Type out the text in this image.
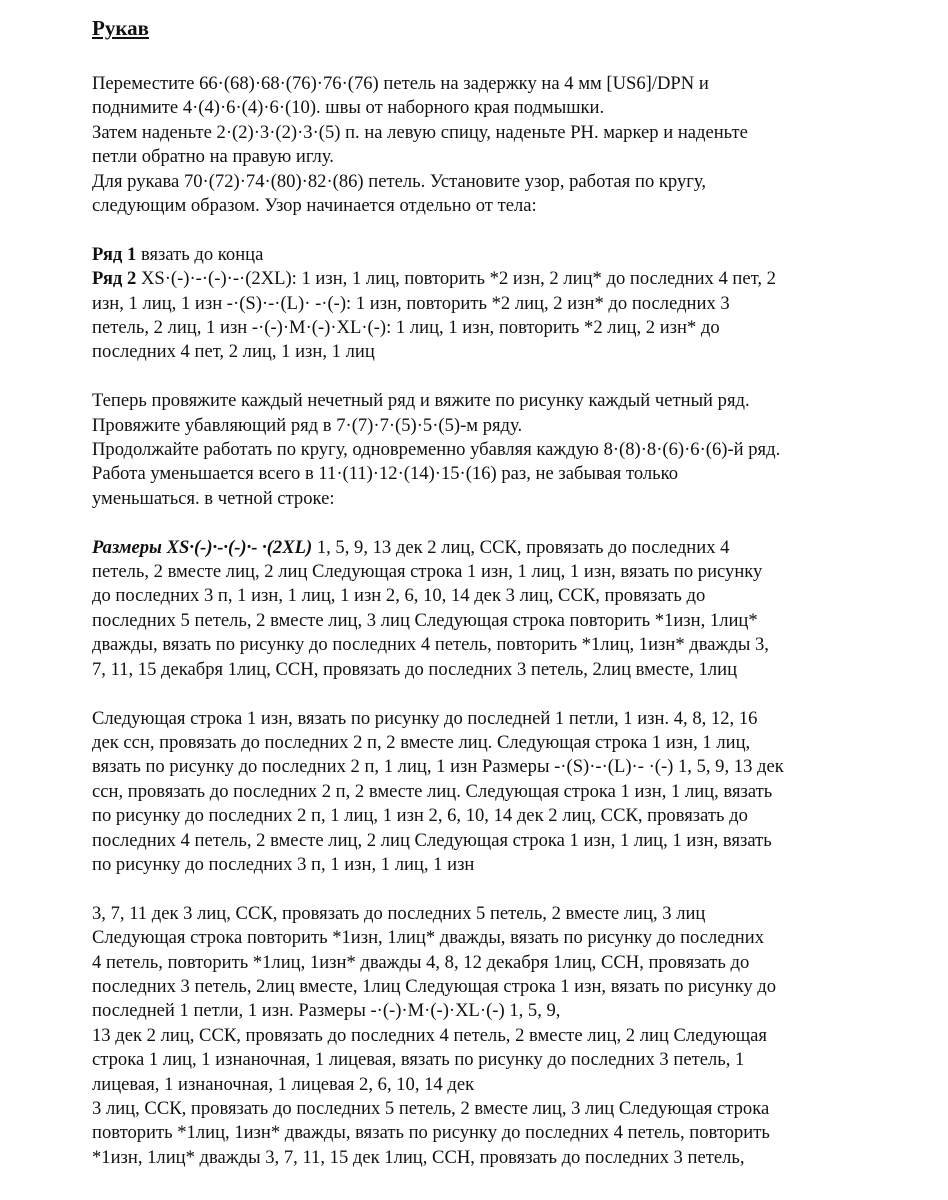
Рукав
Переместите 66·(68)·68·(76)·76·(76) петель на задержку на 4 мм [US6]/DPN и
поднимите 4·(4)·6·(4)·6·(10). швы от наборного края подмышки.
Затем наденьте 2·(2)·3·(2)·3·(5) п. на левую спицу, наденьте РН. маркер и наденьте
петли обратно на правую иглу.
Для рукава 70·(72)·74·(80)·82·(86) петель. Установите узор, работая по кругу,
следующим образом. Узор начинается отдельно от тела:
Ряд 1 вязать до конца
Ряд 2 XS·(-)·-·(-)·-·(2XL): 1 изн, 1 лиц, повторить *2 изн, 2 лиц* до последних 4 пет, 2
изн, 1 лиц, 1 изн -·(S)·-·(L)· -·(-): 1 изн, повторить *2 лиц, 2 изн* до последних 3
петель, 2 лиц, 1 изн -·(-)·M·(-)·XL·(-): 1 лиц, 1 изн, повторить *2 лиц, 2 изн* до
последних 4 пет, 2 лиц, 1 изн, 1 лиц
Теперь провяжите каждый нечетный ряд и вяжите по рисунку каждый четный ряд.
Провяжите убавляющий ряд в 7·(7)·7·(5)·5·(5)-м ряду.
Продолжайте работать по кругу, одновременно убавляя каждую 8·(8)·8·(6)·6·(6)-й ряд.
Работа уменьшается всего в 11·(11)·12·(14)·15·(16) раз, не забывая только
уменьшаться. в четной строке:
Размеры XS·(-)·-·(-)·- ·(2XL) 1, 5, 9, 13 дек 2 лиц, ССК, провязать до последних 4
петель, 2 вместе лиц, 2 лиц Следующая строка 1 изн, 1 лиц, 1 изн, вязать по рисунку
до последних 3 п, 1 изн, 1 лиц, 1 изн 2, 6, 10, 14 дек 3 лиц, ССК, провязать до
последних 5 петель, 2 вместе лиц, 3 лиц Следующая строка повторить *1изн, 1лиц*
дважды, вязать по рисунку до последних 4 петель, повторить *1лиц, 1изн* дважды 3,
7, 11, 15 декабря 1лиц, ССН, провязать до последних 3 петель, 2лиц вместе, 1лиц
Следующая строка 1 изн, вязать по рисунку до последней 1 петли, 1 изн. 4, 8, 12, 16
дек ссн, провязать до последних 2 п, 2 вместе лиц. Следующая строка 1 изн, 1 лиц,
вязать по рисунку до последних 2 п, 1 лиц, 1 изн Размеры -·(S)·-·(L)·- ·(-) 1, 5, 9, 13 дек
ссн, провязать до последних 2 п, 2 вместе лиц. Следующая строка 1 изн, 1 лиц, вязать
по рисунку до последних 2 п, 1 лиц, 1 изн 2, 6, 10, 14 дек 2 лиц, ССК, провязать до
последних 4 петель, 2 вместе лиц, 2 лиц Следующая строка 1 изн, 1 лиц, 1 изн, вязать
по рисунку до последних 3 п, 1 изн, 1 лиц, 1 изн
3, 7, 11 дек 3 лиц, ССК, провязать до последних 5 петель, 2 вместе лиц, 3 лиц
Следующая строка повторить *1изн, 1лиц* дважды, вязать по рисунку до последних
4 петель, повторить *1лиц, 1изн* дважды 4, 8, 12 декабря 1лиц, ССН, провязать до
последних 3 петель, 2лиц вместе, 1лиц Следующая строка 1 изн, вязать по рисунку до
последней 1 петли, 1 изн. Размеры -·(-)·M·(-)·XL·(-) 1, 5, 9,
13 дек 2 лиц, ССК, провязать до последних 4 петель, 2 вместе лиц, 2 лиц Следующая
строка 1 лиц, 1 изнаночная, 1 лицевая, вязать по рисунку до последних 3 петель, 1
лицевая, 1 изнаночная, 1 лицевая 2, 6, 10, 14 дек
3 лиц, ССК, провязать до последних 5 петель, 2 вместе лиц, 3 лиц Следующая строка
повторить *1лиц, 1изн* дважды, вязать по рисунку до последних 4 петель, повторить
*1изн, 1лиц* дважды 3, 7, 11, 15 дек 1лиц, ССН, провязать до последних 3 петель,
